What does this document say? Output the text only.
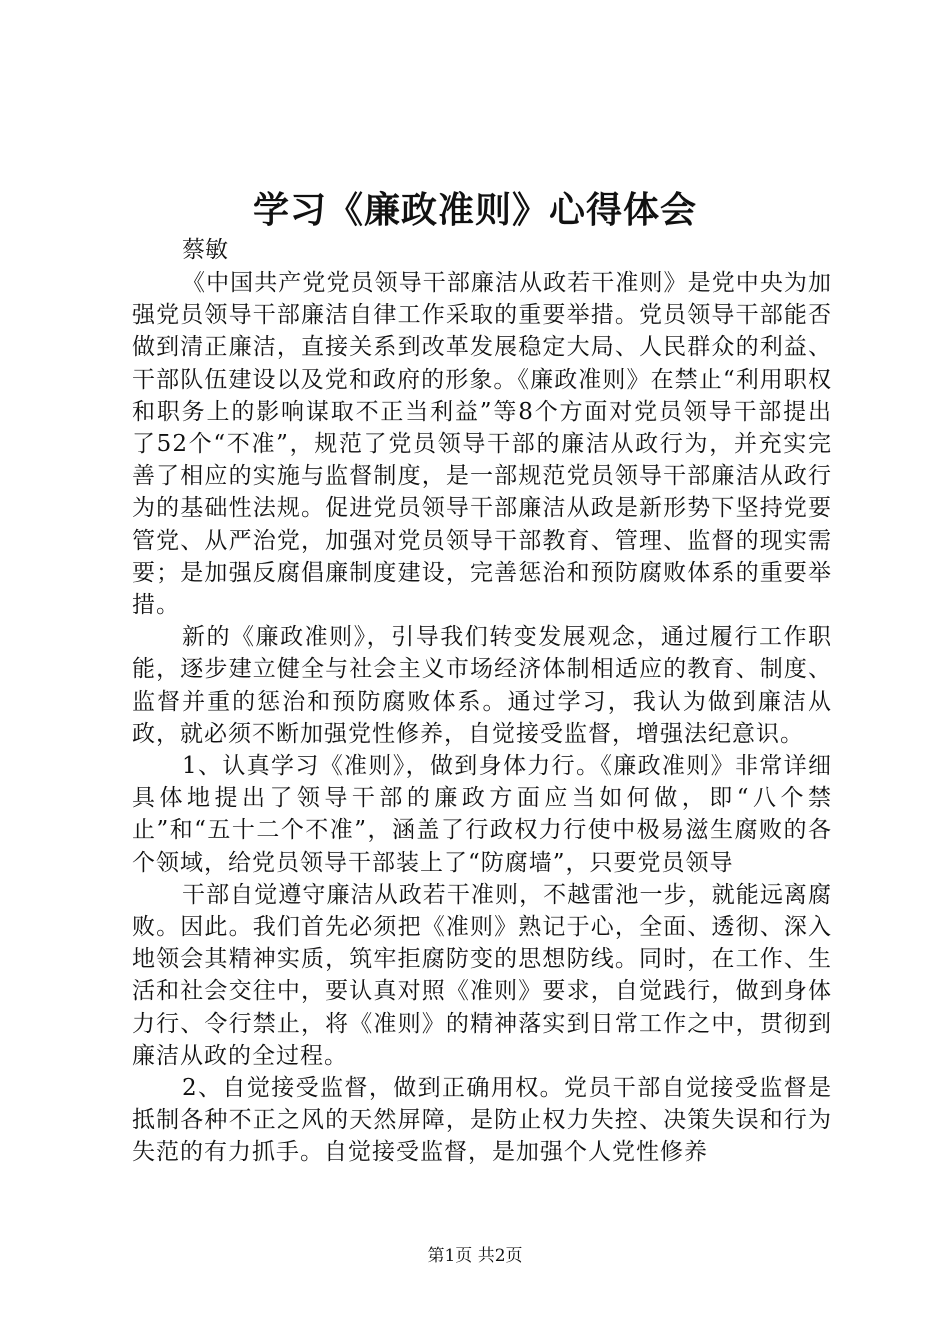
学习《廉政准则》心得体会
蔡敏

《中国共产党党员领导干部廉洁从政若干准则》是党中央为加强党员领导干部廉洁自律工作采取的重要举措。党员领导干部能否做到清正廉洁，直接关系到改革发展稳定大局、人民群众的利益、干部队伍建设以及党和政府的形象。《廉政准则》在禁止“利用职权和职务上的影响谋取不正当利益”等8个方面对党员领导干部提出了52个“不准”，规范了党员领导干部的廉洁从政行为，并充实完善了相应的实施与监督制度，是一部规范党员领导干部廉洁从政行为的基础性法规。促进党员领导干部廉洁从政是新形势下坚持党要管党、从严治党，加强对党员领导干部教育、管理、监督的现实需要；是加强反腐倡廉制度建设，完善惩治和预防腐败体系的重要举措。

新的《廉政准则》，引导我们转变发展观念，通过履行工作职能，逐步建立健全与社会主义市场经济体制相适应的教育、制度、监督并重的惩治和预防腐败体系。通过学习，我认为做到廉洁从政，就必须不断加强党性修养，自觉接受监督，增强法纪意识。

1、认真学习《准则》，做到身体力行。《廉政准则》非常详细具体地提出了领导干部的廉政方面应当如何做，即“八个禁止”和“五十二个不准”，涵盖了行政权力行使中极易滋生腐败的各个领域，给党员领导干部装上了“防腐墙”，只要党员领导

干部自觉遵守廉洁从政若干准则，不越雷池一步，就能远离腐败。因此。我们首先必须把《准则》熟记于心，全面、透彻、深入地领会其精神实质，筑牢拒腐防变的思想防线。同时，在工作、生活和社会交往中，要认真对照《准则》要求，自觉践行，做到身体力行、令行禁止，将《准则》的精神落实到日常工作之中，贯彻到廉洁从政的全过程。

2、自觉接受监督，做到正确用权。党员干部自觉接受监督是抵制各种不正之风的天然屏障，是防止权力失控、决策失误和行为失范的有力抓手。自觉接受监督，是加强个人党性修养

第1页 共2页
